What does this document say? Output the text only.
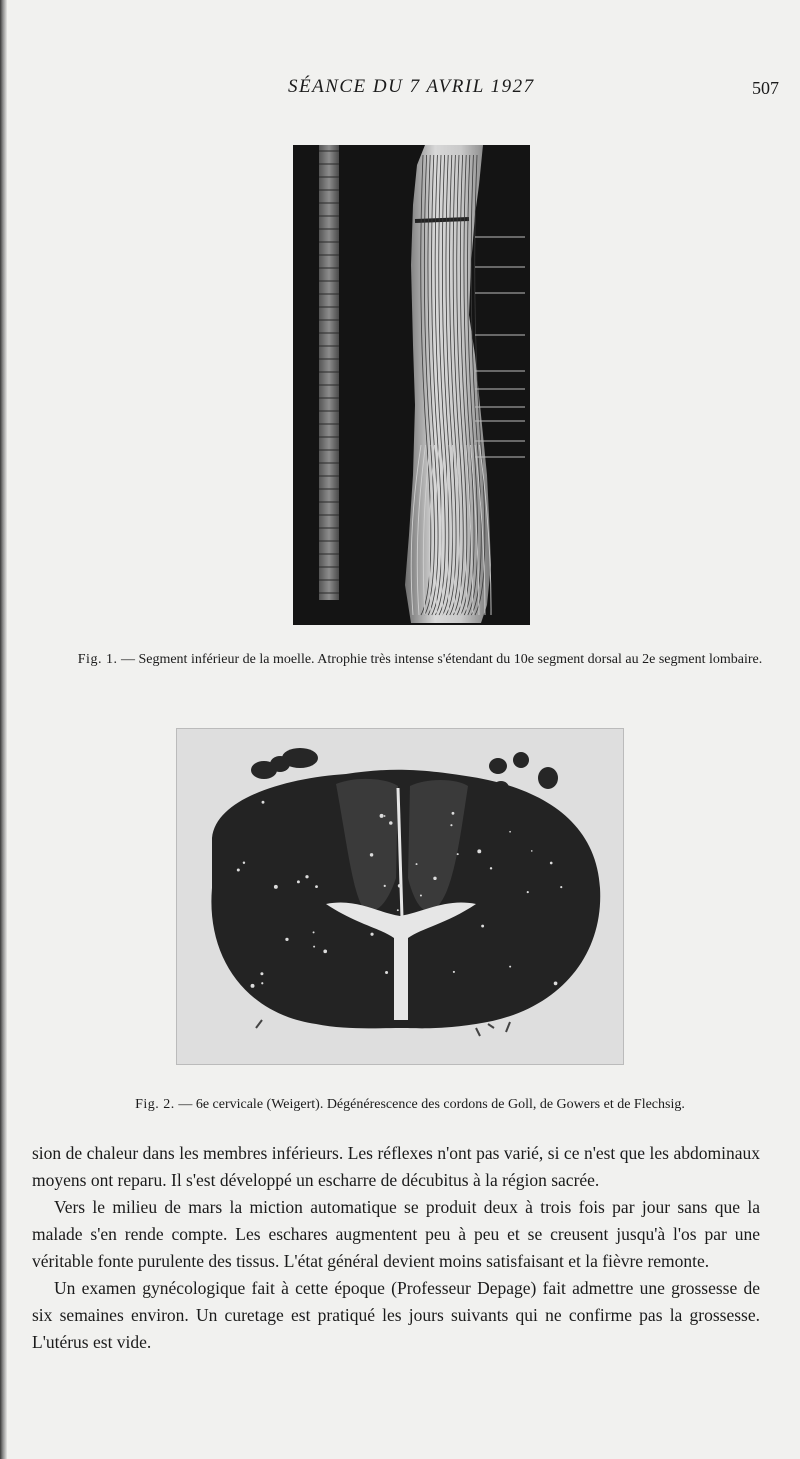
SÉANCE DU 7 AVRIL 1927	507
Fig. 1. — Segment inférieur de la moelle. Atrophie très intense s'étendant du 10e segment dorsal au 2e segment lombaire.
Fig. 2. — 6e cervicale (Weigert). Dégénérescence des cordons de Goll, de Gowers et de Flechsig.

sion de chaleur dans les membres inférieurs. Les réflexes n'ont pas varié, si ce n'est que les abdominaux moyens ont reparu. Il s'est développé un escharre de décubitus à la région sacrée.

Vers le milieu de mars la miction automatique se produit deux à trois fois par jour sans que la malade s'en rende compte. Les eschares augmentent peu à peu et se creusent jusqu'à l'os par une véritable fonte purulente des tissus. L'état général devient moins satisfaisant et la fièvre remonte.

Un examen gynécologique fait à cette époque (Professeur Depage) fait admettre une grossesse de six semaines environ. Un curetage est pratiqué les jours suivants qui ne confirme pas la grossesse. L'utérus est vide.
